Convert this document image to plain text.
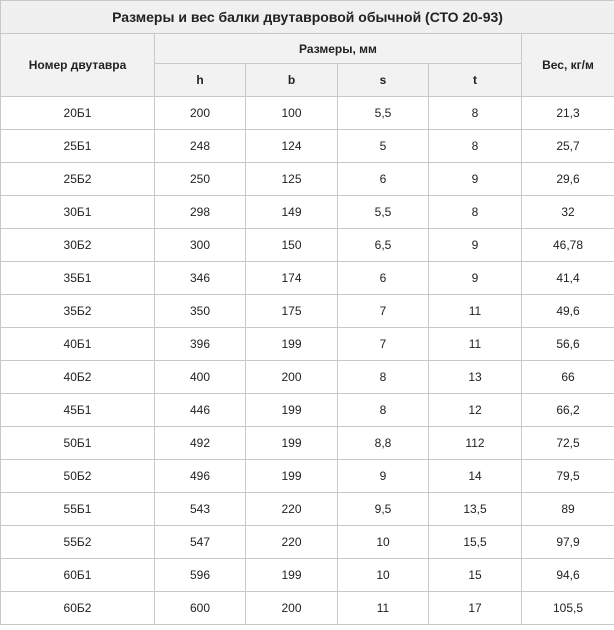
Размеры и вес балки двутавровой обычной (СТО 20-93)					
Номер двутавра	Размеры, мм				Вес, кг/м
	h	b	s	t	
20Б1	200	100	5,5	8	21,3
25Б1	248	124	5	8	25,7
25Б2	250	125	6	9	29,6
30Б1	298	149	5,5	8	32
30Б2	300	150	6,5	9	46,78
35Б1	346	174	6	9	41,4
35Б2	350	175	7	11	49,6
40Б1	396	199	7	11	56,6
40Б2	400	200	8	13	66
45Б1	446	199	8	12	66,2
50Б1	492	199	8,8	112	72,5
50Б2	496	199	9	14	79,5
55Б1	543	220	9,5	13,5	89
55Б2	547	220	10	15,5	97,9
60Б1	596	199	10	15	94,6
60Б2	600	200	11	17	105,5
